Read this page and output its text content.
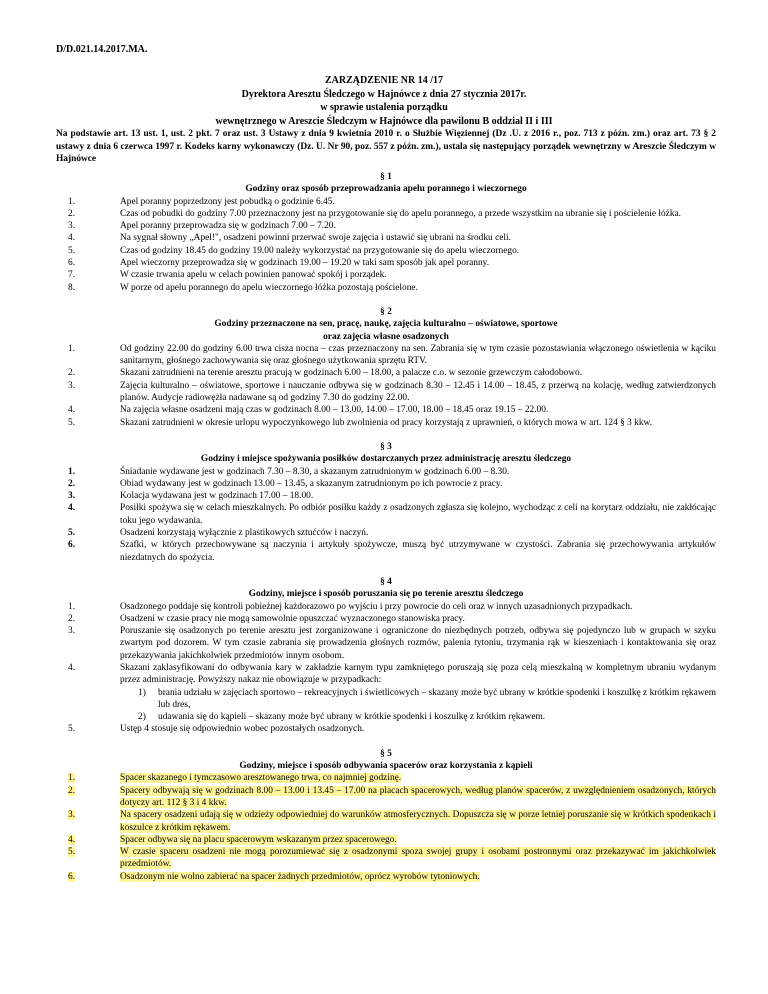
D/D.021.14.2017.MA.
ZARZĄDZENIE NR 14 /17
Dyrektora Aresztu Śledczego w Hajnówce z dnia 27 stycznia 2017r.
w sprawie ustalenia porządku
wewnętrznego w Areszcie Śledczym w Hajnówce dla pawilonu B oddział II i III
Na podstawie art. 13 ust. 1, ust. 2 pkt. 7 oraz ust. 3 Ustawy z dnia 9 kwietnia 2010 r. o Służbie Więziennej (Dz .U. z 2016 r., poz. 713 z późn. zm.) oraz art. 73 § 2 ustawy z dnia 6 czerwca 1997 r. Kodeks karny wykonawczy (Dz. U. Nr 90, poz. 557 z późn. zm.), ustala się następujący porządek wewnętrzny w Areszcie Śledczym w Hajnówce
§ 1
Godziny oraz sposób przeprowadzania apelu porannego i wieczornego
1.	Apel poranny poprzedzony jest pobudką o godzinie 6.45.
2.	Czas od pobudki do godziny 7.00 przeznaczony jest na przygotowanie się do apelu porannego, a przede wszystkim na ubranie się i pościelenie łóżka.
3.	Apel poranny przeprowadza się w godzinach 7.00 – 7.20.
4.	Na sygnał słowny „Apel!", osadzeni powinni przerwać swoje zajęcia i ustawić się ubrani na środku celi.
5.	Czas od godziny 18.45 do godziny 19.00 należy wykorzystać na przygotowanie się do apelu wieczornego.
6.	Apel wieczorny przeprowadza się w godzinach 19.00 – 19.20 w taki sam sposób jak apel poranny.
7.	W czasie trwania apelu w celach powinien panować spokój i porządek.
8.	W porze od apelu porannego do apelu wieczornego łóżka pozostają pościelone.
§ 2
Godziny przeznaczone na sen, pracę, naukę, zajęcia kulturalno – oświatowe, sportowe
oraz zajęcia własne osadzonych
1.	Od godziny 22.00 do godziny 6.00 trwa cisza nocna – czas przeznaczony na sen. Zabrania się w tym czasie pozostawiania włączonego oświetlenia w kąciku sanitarnym, głośnego zachowywania się oraz głośnego użytkowania sprzętu RTV.
2.	Skazani zatrudnieni na terenie aresztu pracują w godzinach 6.00 – 18.00, a palacze c.o. w sezonie grzewczym całodobowo.
3.	Zajęcia kulturalno – oświatowe, sportowe i nauczanie odbywa się w godzinach 8.30 – 12.45 i 14.00 – 18.45, z przerwą na kolację, według zatwierdzonych planów. Audycje radiowężła nadawane są od godziny 7.30 do godziny 22.00.
4.	Na zajęcia własne osadzeni mają czas w godzinach 8.00 – 13.00, 14.00 – 17.00, 18.00 – 18.45 oraz 19.15 – 22.00.
5.	Skazani zatrudnieni w okresie urlopu wypoczynkowego lub zwolnienia od pracy korzystają z uprawnień, o których mowa w art. 124 § 3 kkw.
§ 3
Godziny i miejsce spożywania posiłków dostarczanych przez administrację aresztu śledczego
1.	Śniadanie wydawane jest w godzinach 7.30 – 8.30, a skazanym zatrudnionym w godzinach 6.00 – 8.30.
2.	Obiad wydawany jest w godzinach 13.00 – 13.45, a skazanym zatrudnionym po ich powrocie z pracy.
3.	Kolacja wydawana jest w godzinach 17.00 – 18.00.
4.	Posiłki spożywa się w celach mieszkalnych. Po odbiór posiłku każdy z osadzonych zgłasza się kolejno, wychodząc z celi na korytarz oddziału, nie zakłócając toku jego wydawania.
5.	Osadzeni korzystają wyłącznie z plastikowych sztućców i naczyń.
6.	Szafki, w których przechowywane są naczynia i artykuły spożywcze, muszą być utrzymywane w czystości. Zabrania się przechowywania artykułów niezdatnych do spożycia.
§ 4
Godziny, miejsce i sposób poruszania się po terenie aresztu śledczego
1.	Osadzonego poddaje się kontroli pobieżnej każdorazowo po wyjściu i przy powrocie do celi oraz w innych uzasadnionych przypadkach.
2.	Osadzeni w czasie pracy nie mogą samowolnie opuszczać wyznaczonego stanowiska pracy.
3.	Poruszanie się osadzonych po terenie aresztu jest zorganizowane i ograniczone do niezbędnych potrzeb, odbywa się pojedynczo lub w grupach w szyku zwartym pod dozorem. W tym czasie zabrania się prowadzenia głośnych rozmów, palenia tytoniu, trzymania rąk w kieszeniach i kontaktowania się oraz przekazywania jakichkolwiek przedmiotów innym osobom.
4.	Skazani zaklasyfikowani do odbywania kary w zakładzie karnym typu zamkniętego poruszają się poza celą mieszkalną w kompletnym ubraniu wydanym przez administrację. Powyższy nakaz nie obowiązuje w przypadkach:
1)	brania udziału w zajęciach sportowo – rekreacyjnych i świetlicowych – skazany może być ubrany w krótkie spodenki i koszulkę z krótkim rękawem lub dres,
2)	udawania się do kąpieli – skazany może być ubrany w krótkie spodenki i koszulkę z krótkim rękawem.
5.	Ustęp 4 stosuje się odpowiednio wobec pozostałych osadzonych.
§ 5
Godziny, miejsce i sposób odbywania spacerów oraz korzystania z kąpieli
1.	Spacer skazanego i tymczasowo aresztowanego trwa, co najmniej godzinę.
2.	Spacery odbywają się w godzinach 8.00 – 13.00 i 13.45 – 17.00 na placach spacerowych, według planów spacerów, z uwzględnieniem osadzonych, których dotyczy art. 112 § 3 i 4 kkw.
3.	Na spacery osadzeni udają się w odzieży odpowiedniej do warunków atmosferycznych. Dopuszcza się w porze letniej poruszanie się w krótkich spodenkach i koszulce z krótkim rękawem.
4.	Spacer odbywa się na placu spacerowym wskazanym przez spacerowego.
5.	W czasie spaceru osadzeni nie mogą porozumiewać się z osadzonymi spoza swojej grupy i osobami postronnymi oraz przekazywać im jakichkolwiek przedmiotów.
6.	Osadzonym nie wolno zabierać na spacer żadnych przedmiotów, oprócz wyrobów tytoniowych.
